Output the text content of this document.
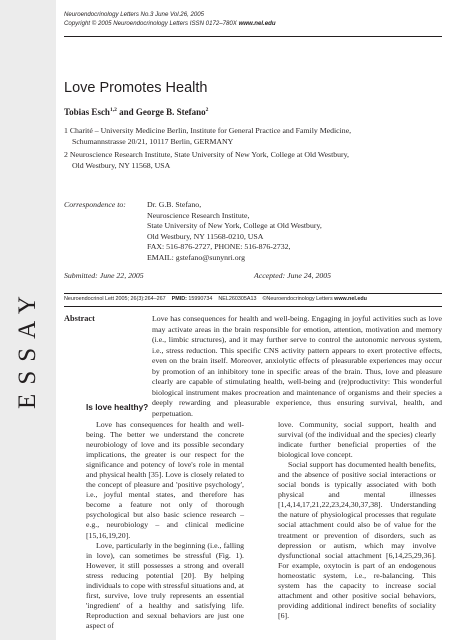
ESSAY
Neuroendocrinology Letters No.3 June Vol.26, 2005
Copyright © 2005 Neuroendocrinology Letters ISSN 0172–780X www.nel.edu
Love Promotes Health
Tobias Esch$^{1,2}$ and George B. Stefano$^2$
1 Charité – University Medicine Berlin, Institute for General Practice and Family Medicine,
Schumannstrasse 20/21, 10117 Berlin, GERMANY
2 Neuroscience Research Institute, State University of New York, College at Old Westbury,
Old Westbury, NY 11568, USA
Correspondence to:	Dr. G.B. Stefano,
Neuroscience Research Institute,
State University of New York, College at Old Westbury,
Old Westbury, NY 11568-0210, USA
FAX: 516-876-2727, PHONE: 516-876-2732,
EMAIL: gstefano@sunynri.org
Submitted: June 22, 2005	Accepted: June 24, 2005
Neuroendocrinol Lett 2005; 26(3):264–267 PMID: 15990734 NEL260305A13 ©Neuroendocrinology Letters www.nel.edu
Abstract	Love has consequences for health and well-being. Engaging in joyful activities such as love may activate areas in the brain responsible for emotion, attention, motivation and memory (i.e., limbic structures), and it may further serve to control the autonomic nervous system, i.e., stress reduction. This specific CNS activity pattern appears to exert protective effects, even on the brain itself. Moreover, anxiolytic effects of pleasurable experiences may occur by promotion of an inhibitory tone in specific areas of the brain. Thus, love and pleasure clearly are capable of stimulating health, well-being and (re)productivity: This wonderful biological instrument makes procreation and maintenance of organisms and their species a deeply rewarding and pleasurable experience, thus ensuring survival, health, and perpetuation.
Is love healthy?

Love has consequences for health and well-being. The better we understand the concrete neurobiology of love and its possible secondary implications, the greater is our respect for the significance and potency of love's role in mental and physical health [35]. Love is closely related to the concept of pleasure and 'positive psychology', i.e., joyful mental states, and therefore has become a feature not only of thorough psychological but also basic science research – e.g., neurobiology – and clinical medicine [15,16,19,20].

Love, particularly in the beginning (i.e., falling in love), can sometimes be stressful (Fig. 1). However, it still possesses a strong and overall stress reducing potential [20]. By helping individuals to cope with stressful situations and, at first, survive, love truly represents an essential 'ingredient' of a healthy and satisfying life. Reproduction and sexual behaviors are just one aspect of

love. Community, social support, health and survival (of the individual and the species) clearly indicate further beneficial properties of the biological love concept.

Social support has documented health benefits, and the absence of positive social interactions or social bonds is typically associated with both physical and mental illnesses [1,4,14,17,21,22,23,24,30,37,38]. Understanding the nature of physiological processes that regulate social attachment could also be of value for the treatment or prevention of disorders, such as depression or autism, which may involve dysfunctional social attachment [6,14,25,29,36]. For example, oxytocin is part of an endogenous homeostatic system, i.e., re-balancing. This system has the capacity to increase social attachment and other positive social behaviors, providing additional indirect benefits of sociality [6].
